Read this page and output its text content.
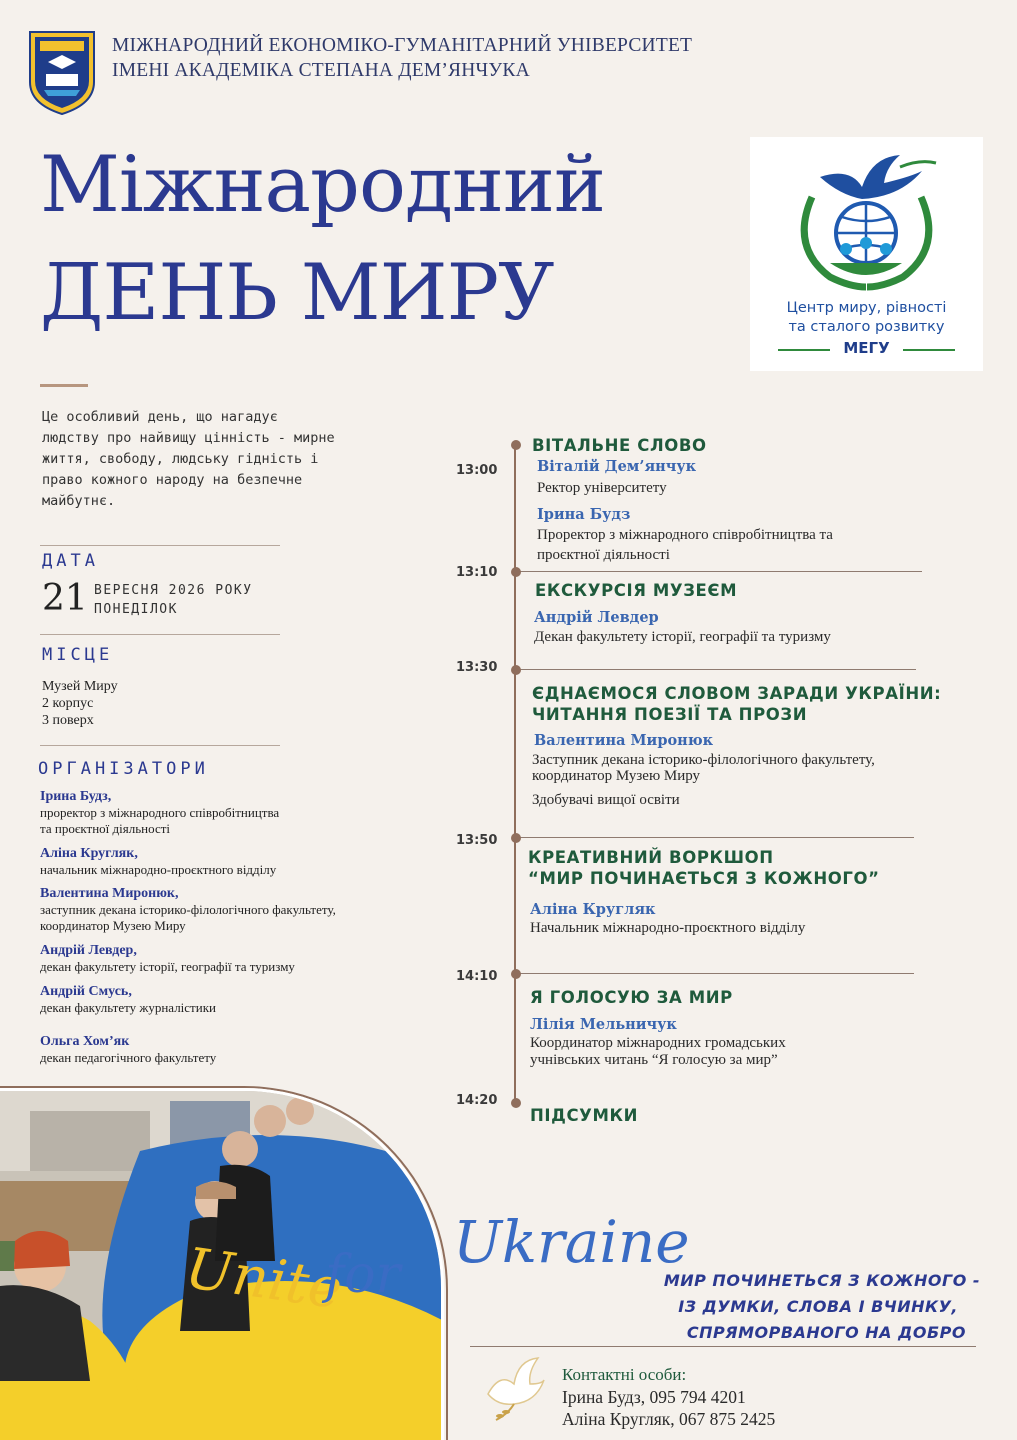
МІЖНАРОДНИЙ ЕКОНОМІКО-ГУМАНІТАРНИЙ УНІВЕРСИТЕТ
ІМЕНІ АКАДЕМІКА СТЕПАНА ДЕМ’ЯНЧУКА
Міжнародний
ДЕНЬ МИРУ	Центр миру, рівності
та сталого розвитку
МЕГУ
Це особливий день, що нагадує людству про найвищу цінність - мирне життя, свободу, людську гідність і право кожного народу на безпечне майбутнє.
ДАТА
21 ВЕРЕСНЯ 2026 РОКУ
ПОНЕДІЛОК
МІСЦЕ
Музей Миру
2 корпус
3 поверх
ОРГАНІЗАТОРИ
Ірина Будз,
проректор з міжнародного співробітництва
та проєктної діяльності
Аліна Кругляк,
начальник міжнародно-проєктного відділу
Валентина Миронюк,
заступник декана історико-філологічного факультету,
координатор Музею Миру
Андрій Левдер,
декан факультету історії, географії та туризму
Андрій Смусь,
декан факультету журналістики
Ольга Хом’як
декан педагогічного факультету
13:00
ВІТАЛЬНЕ СЛОВО
Віталій Дем’янчук
Ректор університету
Ірина Будз
Проректор з міжнародного співробітництва та
проєктної діяльності
13:10
ЕКСКУРСІЯ МУЗЕЄМ
Андрій Левдер
Декан факультету історії, географії та туризму
13:30
ЄДНАЄМОСЯ СЛОВОМ ЗАРАДИ УКРАЇНИ:
ЧИТАННЯ ПОЕЗІЇ ТА ПРОЗИ
Валентина Миронюк
Заступник декана історико-філологічного факультету,
координатор Музею Миру
Здобувачі вищої освіти
13:50
КРЕАТИВНИЙ ВОРКШОП
“МИР ПОЧИНАЄТЬСЯ З КОЖНОГО”
Аліна Кругляк
Начальник міжнародно-проєктного відділу
14:10
Я ГОЛОСУЮ ЗА МИР
Лілія Мельничук
Координатор міжнародних громадських
учнівських читань “Я голосую за мир”
14:20
ПІДСУМКИ
Unite
for Ukraine
МИР ПОЧИНЕТЬСЯ З КОЖНОГО -
ІЗ ДУМКИ, СЛОВА І ВЧИНКУ,
СПРЯМОРВАНОГО НА ДОБРО
Контактні особи:
Ірина Будз, 095 794 4201
Аліна Кругляк, 067 875 2425
